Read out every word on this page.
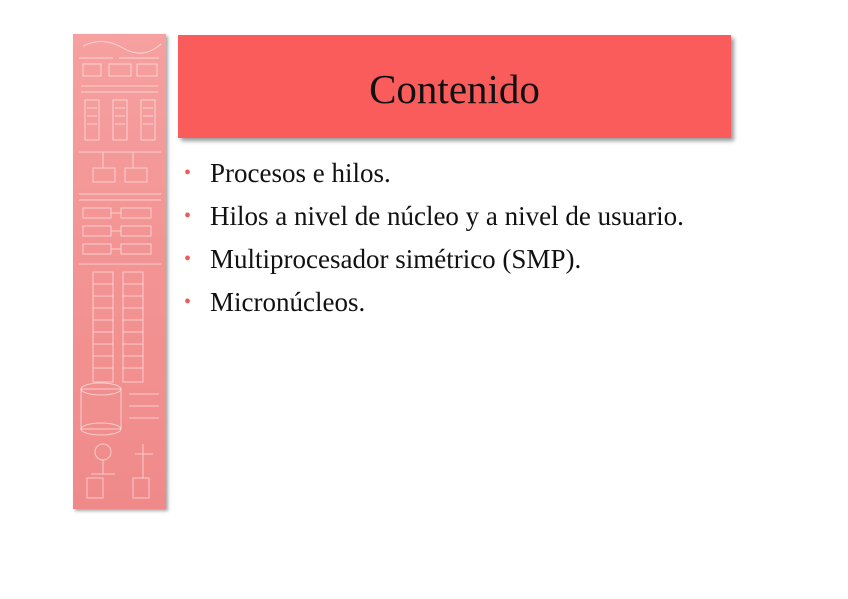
Contenido
• Procesos e hilos.
• Hilos a nivel de núcleo y a nivel de usuario.
• Multiprocesador simétrico (SMP).
• Micronúcleos.
